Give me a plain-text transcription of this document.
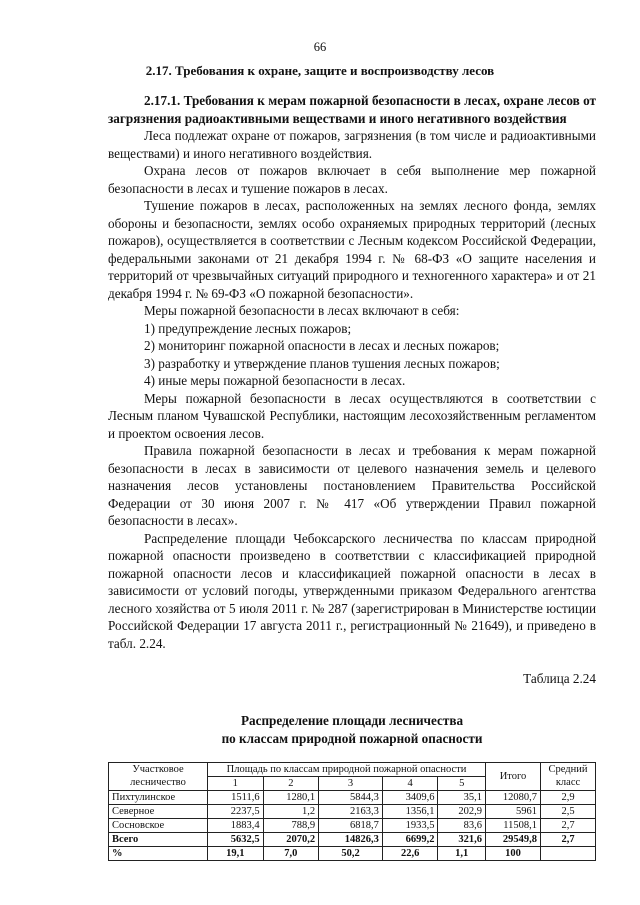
66
2.17. Требования к охране, защите и воспроизводству лесов

2.17.1. Требования к мерам пожарной безопасности в лесах, охране лесов от загрязнения радиоактивными веществами и иного негативного воздействия

Леса подлежат охране от пожаров, загрязнения (в том числе и радиоактивными веществами) и иного негативного воздействия.

Охрана лесов от пожаров включает в себя выполнение мер пожарной безопасности в лесах и тушение пожаров в лесах.

Тушение пожаров в лесах, расположенных на землях лесного фонда, землях обороны и безопасности, землях особо охраняемых природных территорий (лесных пожаров), осуществляется в соответствии с Лесным кодексом Российской Федерации, федеральными законами от 21 декабря 1994 г. № 68-ФЗ «О защите населения и территорий от чрезвычайных ситуаций природного и техногенного характера» и от 21 декабря 1994 г. № 69-ФЗ «О пожарной безопасности».

Меры пожарной безопасности в лесах включают в себя:

1) предупреждение лесных пожаров;

2) мониторинг пожарной опасности в лесах и лесных пожаров;

3) разработку и утверждение планов тушения лесных пожаров;

4) иные меры пожарной безопасности в лесах.

Меры пожарной безопасности в лесах осуществляются в соответствии с Лесным планом Чувашской Республики, настоящим лесохозяйственным регламентом и проектом освоения лесов.

Правила пожарной безопасности в лесах и требования к мерам пожарной безопасности в лесах в зависимости от целевого назначения земель и целевого назначения лесов установлены постановлением Правительства Российской Федерации от 30 июня 2007 г. № 417 «Об утверждении Правил пожарной безопасности в лесах».

Распределение площади Чебоксарского лесничества по классам природной пожарной опасности произведено в соответствии с классификацией природной пожарной опасности лесов и классификацией пожарной опасности в лесах в зависимости от условий погоды, утвержденными приказом Федерального агентства лесного хозяйства от 5 июля 2011 г. № 287 (зарегистрирован в Министерстве юстиции Российской Федерации 17 августа 2011 г., регистрационный № 21649), и приведено в табл. 2.24.

Таблица 2.24

Распределение площади лесничества
по классам природной пожарной опасности

Участковое лесничество	Площадь по классам природной пожарной опасности					Итого	Средний класс
	1	2	3	4	5		
Пихтулинское	1511,6	1280,1	5844,3	3409,6	35,1	12080,7	2,9
Северное	2237,5	1,2	2163,3	1356,1	202,9	5961	2,5
Сосновское	1883,4	788,9	6818,7	1933,5	83,6	11508,1	2,7
Всего	5632,5	2070,2	14826,3	6699,2	321,6	29549,8	2,7
%	19,1	7,0	50,2	22,6	1,1	100	
